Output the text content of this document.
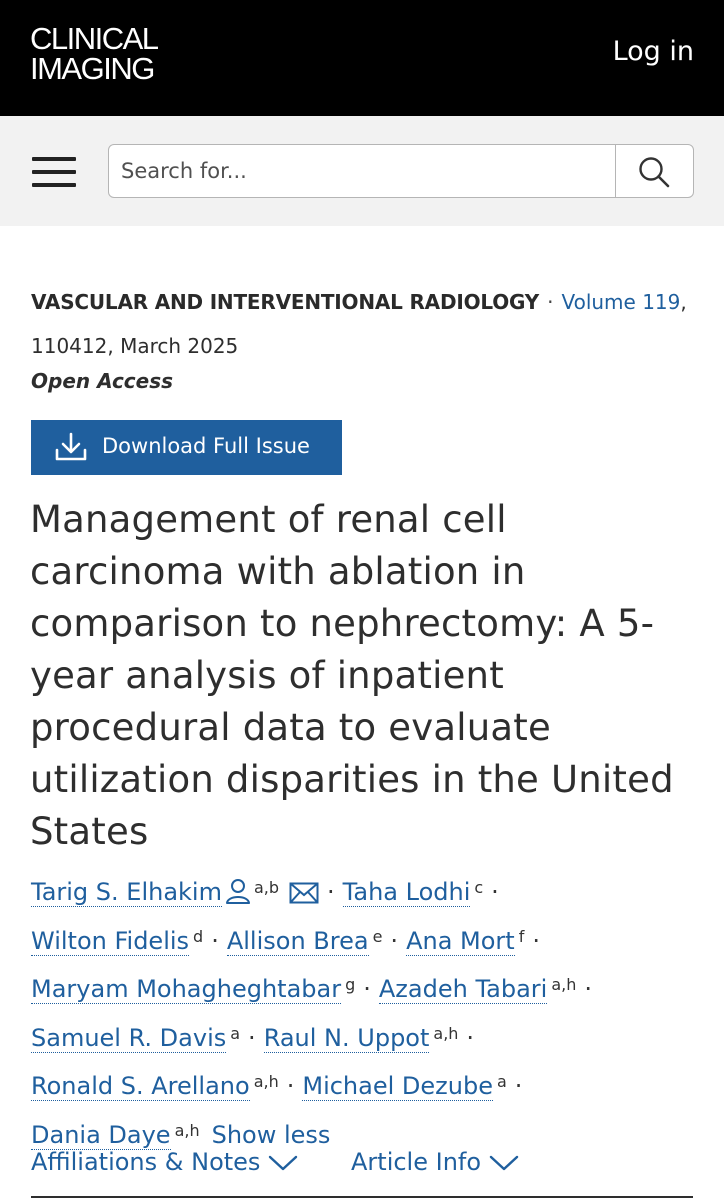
CLINICAL
IMAGING	Log in
Search for...
VASCULAR AND INTERVENTIONAL RADIOLOGY · Volume 119, 110412, March 2025
Open Access
Download Full Issue
Management of renal cell carcinoma with ablation in comparison to nephrectomy: A 5-year analysis of inpatient procedural data to evaluate utilization disparities in the United States
Tarig S. Elhakim $^{a,b}$ · Taha Lodhi $^c$ ·
Wilton Fidelis $^d$ · Allison Brea $^e$ · Ana Mort $^f$ ·
Maryam Mohagheghtabar $^g$ · Azadeh Tabari $^{a,h}$ ·
Samuel R. Davis $^a$ · Raul N. Uppot $^{a,h}$ ·
Ronald S. Arellano $^{a,h}$ · Michael Dezube $^a$ ·
Dania Daye $^{a,h}$ Show less
Affiliations & Notes	Article Info
